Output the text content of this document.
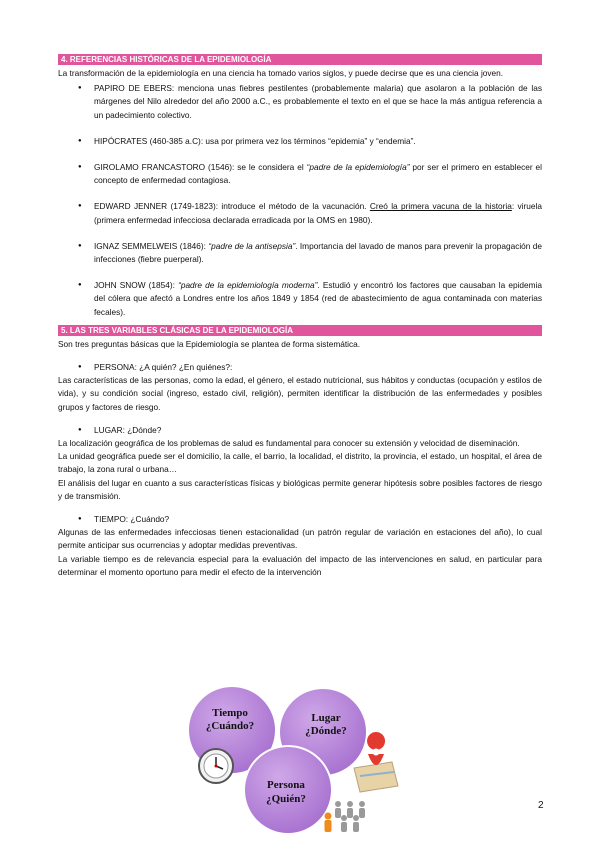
4. REFERENCIAS HISTÓRICAS DE LA EPIDEMIOLOGÍA

La transformación de la epidemiología en una ciencia ha tomado varios siglos, y puede decirse que es una ciencia joven.

● PAPIRO DE EBERS: menciona unas fiebres pestilentes (probablemente malaria) que asolaron a la población de las márgenes del Nilo alrededor del año 2000 a.C., es probablemente el texto en el que se hace la más antigua referencia a un padecimiento colectivo.
● HIPÓCRATES (460-385 a.C): usa por primera vez los términos “epidemia” y “endemia”.
● GIROLAMO FRANCASTORO (1546): se le considera el “padre de la epidemiología” por ser el primero en establecer el concepto de enfermedad contagiosa.
● EDWARD JENNER (1749-1823): introduce el método de la vacunación. Creó la primera vacuna de la historia: viruela (primera enfermedad infecciosa declarada erradicada por la OMS en 1980).
● IGNAZ SEMMELWEIS (1846): “padre de la antisepsia”. Importancia del lavado de manos para prevenir la propagación de infecciones (fiebre puerperal).
● JOHN SNOW (1854): “padre de la epidemiología moderna”. Estudió y encontró los factores que causaban la epidemia del cólera que afectó a Londres entre los años 1849 y 1854 (red de abastecimiento de agua contaminada con materias fecales).
5. LAS TRES VARIABLES CLÁSICAS DE LA EPIDEMIOLOGÍA

Son tres preguntas básicas que la Epidemiología se plantea de forma sistemática.

● PERSONA: ¿A quién? ¿En quiénes?:

Las características de las personas, como la edad, el género, el estado nutricional, sus hábitos y conductas (ocupación y estilos de vida), y su condición social (ingreso, estado civil, religión), permiten identificar la distribución de las enfermedades y posibles grupos y factores de riesgo.

● LUGAR: ¿Dónde?

La localización geográfica de los problemas de salud es fundamental para conocer su extensión y velocidad de diseminación.

La unidad geográfica puede ser el domicilio, la calle, el barrio, la localidad, el distrito, la provincia, el estado, un hospital, el área de trabajo, la zona rural o urbana…

El análisis del lugar en cuanto a sus características físicas y biológicas permite generar hipótesis sobre posibles factores de riesgo y de transmisión.

● TIEMPO: ¿Cuándo?

Algunas de las enfermedades infecciosas tienen estacionalidad (un patrón regular de variación en estaciones del año), lo cual permite anticipar sus ocurrencias y adoptar medidas preventivas.

La variable tiempo es de relevancia especial para la evaluación del impacto de las intervenciones en salud, en particular para determinar el momento oportuno para medir el efecto de la intervención

Tiempo
¿Cuándo?
Lugar
¿Dónde?
Persona
¿Quién?
2
